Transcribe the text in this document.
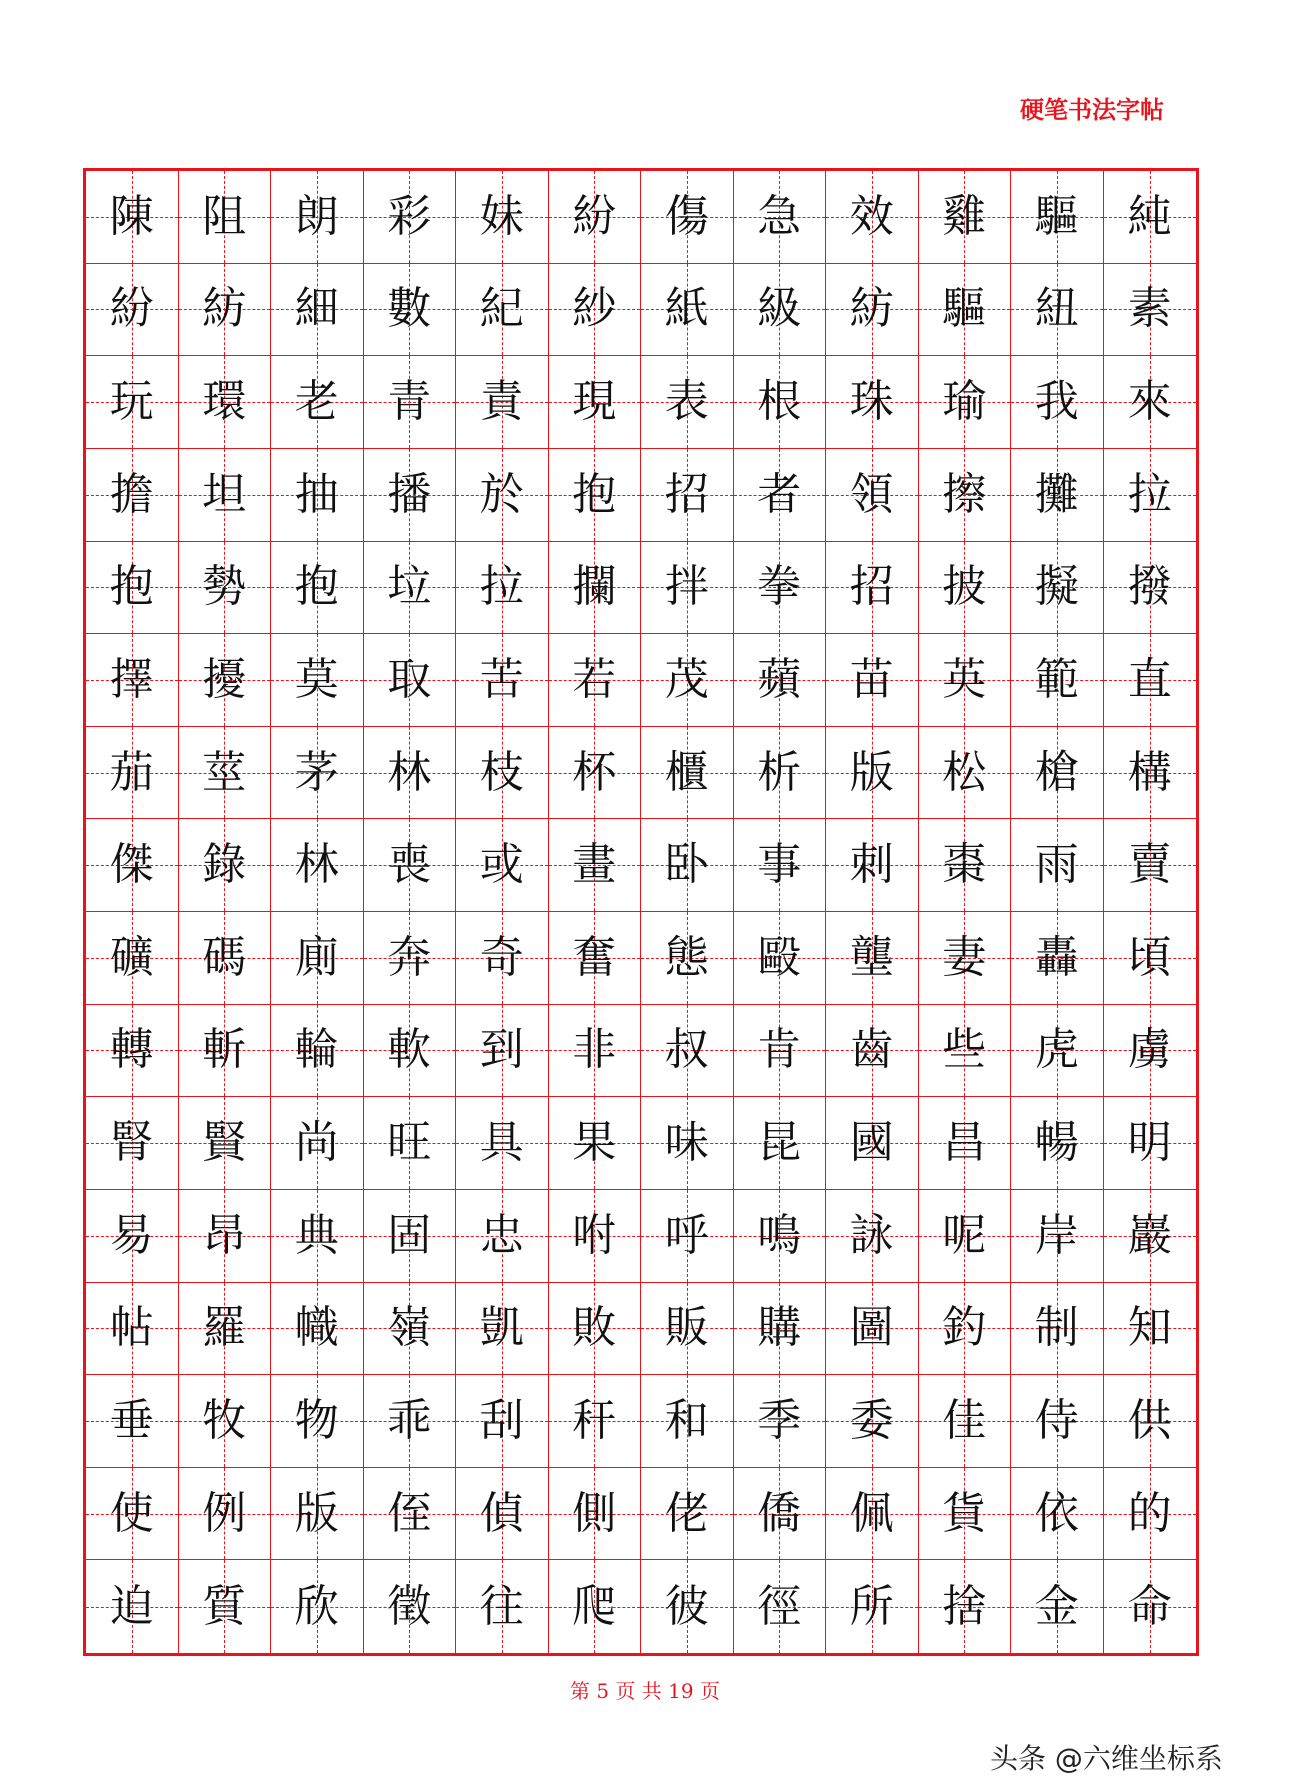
硬笔书法字帖
陳 阻 朗 彩 妹 紛 傷 急 效 雞 驅 純
紛 紡 細 數 紀 紗 紙 級 紡 驅 紐 素
玩 環 老 青 責 現 表 根 珠 瑜 我 來
擔 坦 抽 播 於 抱 招 者 領 擦 攤 拉
抱 勢 抱 垃 拉 攔 拌 拳 招 披 擬 撥
擇 擾 莫 取 苦 若 茂 蘋 苗 英 範 直
茄 莖 茅 林 枝 杯 櫃 析 版 松 槍 構
傑 錄 林 喪 或 畫 卧 事 刺 棗 雨 賣
礦 碼 廁 奔 奇 奮 態 毆 壟 妻 轟 頃
轉 斬 輪 軟 到 非 叔 肯 齒 些 虎 虜
腎 賢 尚 旺 具 果 味 昆 國 昌 暢 明
易 昂 典 固 忠 咐 呼 鳴 詠 呢 岸 巖
帖 羅 幟 嶺 凱 敗 販 購 圖 釣 制 知
垂 牧 物 乖 刮 秆 和 季 委 佳 侍 供
使 例 版 侄 偵 側 佬 僑 佩 貨 依 的
迫 質 欣 徵 往 爬 彼 徑 所 捨 金 命
第 5 页 共 19 页
头条 @六维坐标系
